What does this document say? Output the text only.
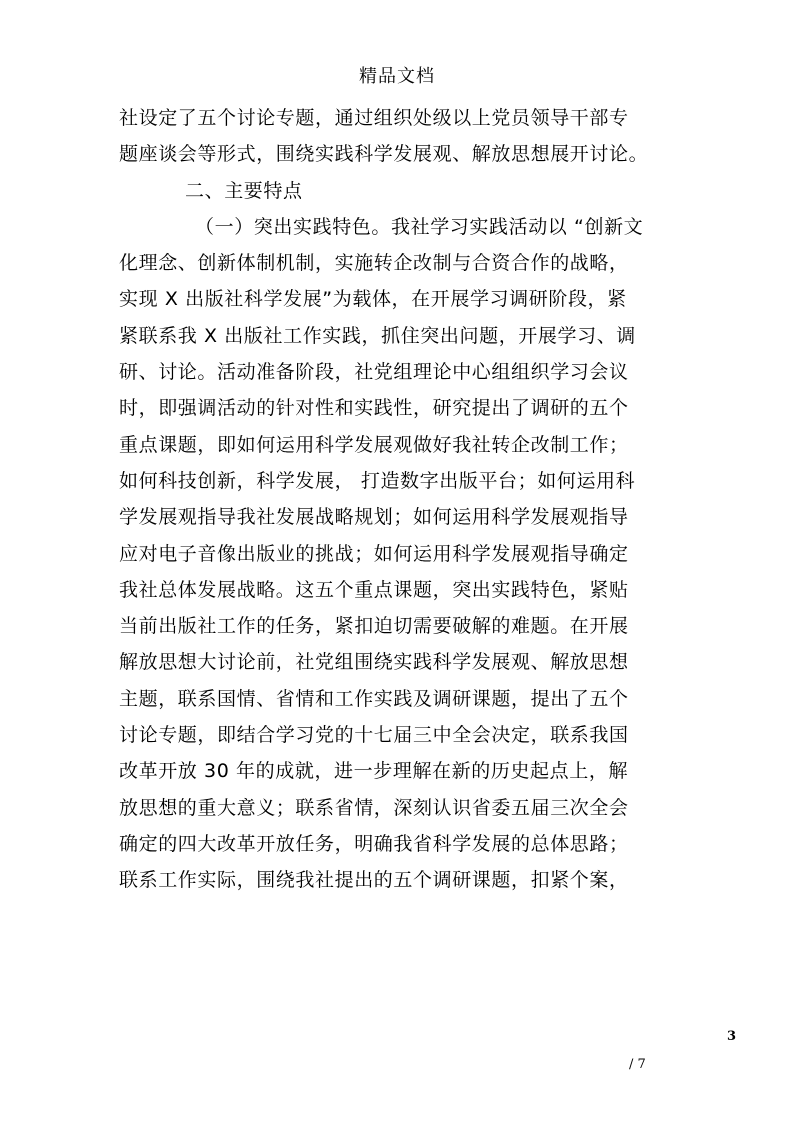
精品文档
社设定了五个讨论专题，通过组织处级以上党员领导干部专
题座谈会等形式，围绕实践科学发展观、解放思想展开讨论。
二、主要特点
（一）突出实践特色。我社学习实践活动以 “创新文
化理念、创新体制机制，实施转企改制与合资合作的战略，
实现 X 出版社科学发展”为载体，在开展学习调研阶段，紧
紧联系我 X 出版社工作实践，抓住突出问题，开展学习、调
研、讨论。活动准备阶段，社党组理论中心组组织学习会议
时，即强调活动的针对性和实践性，研究提出了调研的五个
重点课题，即如何运用科学发展观做好我社转企改制工作；
如何科技创新，科学发展， 打造数字出版平台；如何运用科
学发展观指导我社发展战略规划；如何运用科学发展观指导
应对电子音像出版业的挑战；如何运用科学发展观指导确定
我社总体发展战略。这五个重点课题，突出实践特色，紧贴
当前出版社工作的任务，紧扣迫切需要破解的难题。在开展
解放思想大讨论前，社党组围绕实践科学发展观、解放思想
主题，联系国情、省情和工作实践及调研课题，提出了五个
讨论专题，即结合学习党的十七届三中全会决定，联系我国
改革开放 30 年的成就，进一步理解在新的历史起点上，解
放思想的重大意义；联系省情，深刻认识省委五届三次全会
确定的四大改革开放任务，明确我省科学发展的总体思路；
联系工作实际，围绕我社提出的五个调研课题，扣紧个案，
3
/ 7
